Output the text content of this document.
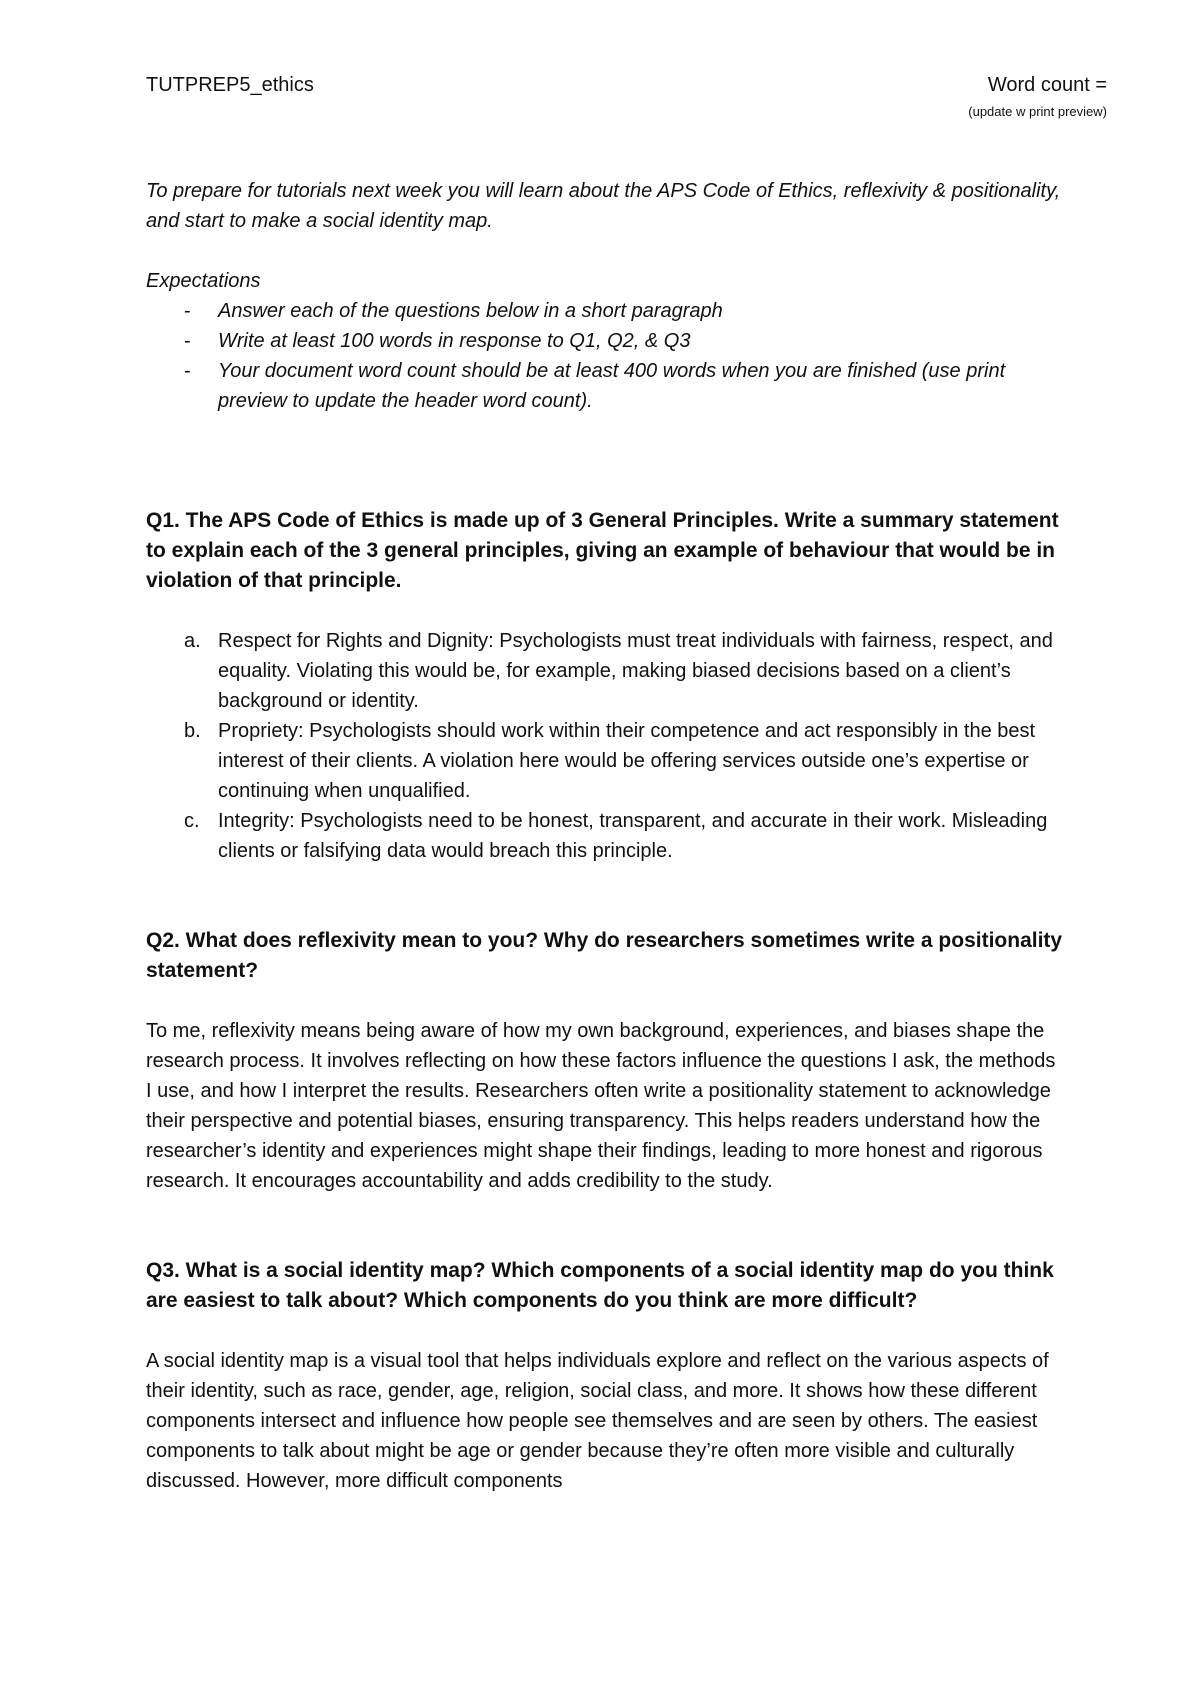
TUTPREP5_ethics	Word count =
(update w print preview)

To prepare for tutorials next week you will learn about the APS Code of Ethics, reflexivity & positionality, and start to make a social identity map.

Expectations

- Answer each of the questions below in a short paragraph
- Write at least 100 words in response to Q1, Q2, & Q3
- Your document word count should be at least 400 words when you are finished (use print preview to update the header word count).

Q1. The APS Code of Ethics is made up of 3 General Principles. Write a summary statement to explain each of the 3 general principles, giving an example of behaviour that would be in violation of that principle.

a. Respect for Rights and Dignity: Psychologists must treat individuals with fairness, respect, and equality. Violating this would be, for example, making biased decisions based on a client’s background or identity.
b. Propriety: Psychologists should work within their competence and act responsibly in the best interest of their clients. A violation here would be offering services outside one’s expertise or continuing when unqualified.
c. Integrity: Psychologists need to be honest, transparent, and accurate in their work. Misleading clients or falsifying data would breach this principle.

Q2. What does reflexivity mean to you? Why do researchers sometimes write a positionality statement?

To me, reflexivity means being aware of how my own background, experiences, and biases shape the research process. It involves reflecting on how these factors influence the questions I ask, the methods I use, and how I interpret the results. Researchers often write a positionality statement to acknowledge their perspective and potential biases, ensuring transparency. This helps readers understand how the researcher’s identity and experiences might shape their findings, leading to more honest and rigorous research. It encourages accountability and adds credibility to the study.

Q3. What is a social identity map? Which components of a social identity map do you think are easiest to talk about? Which components do you think are more difficult?

A social identity map is a visual tool that helps individuals explore and reflect on the various aspects of their identity, such as race, gender, age, religion, social class, and more. It shows how these different components intersect and influence how people see themselves and are seen by others. The easiest components to talk about might be age or gender because they’re often more visible and culturally discussed. However, more difficult components
